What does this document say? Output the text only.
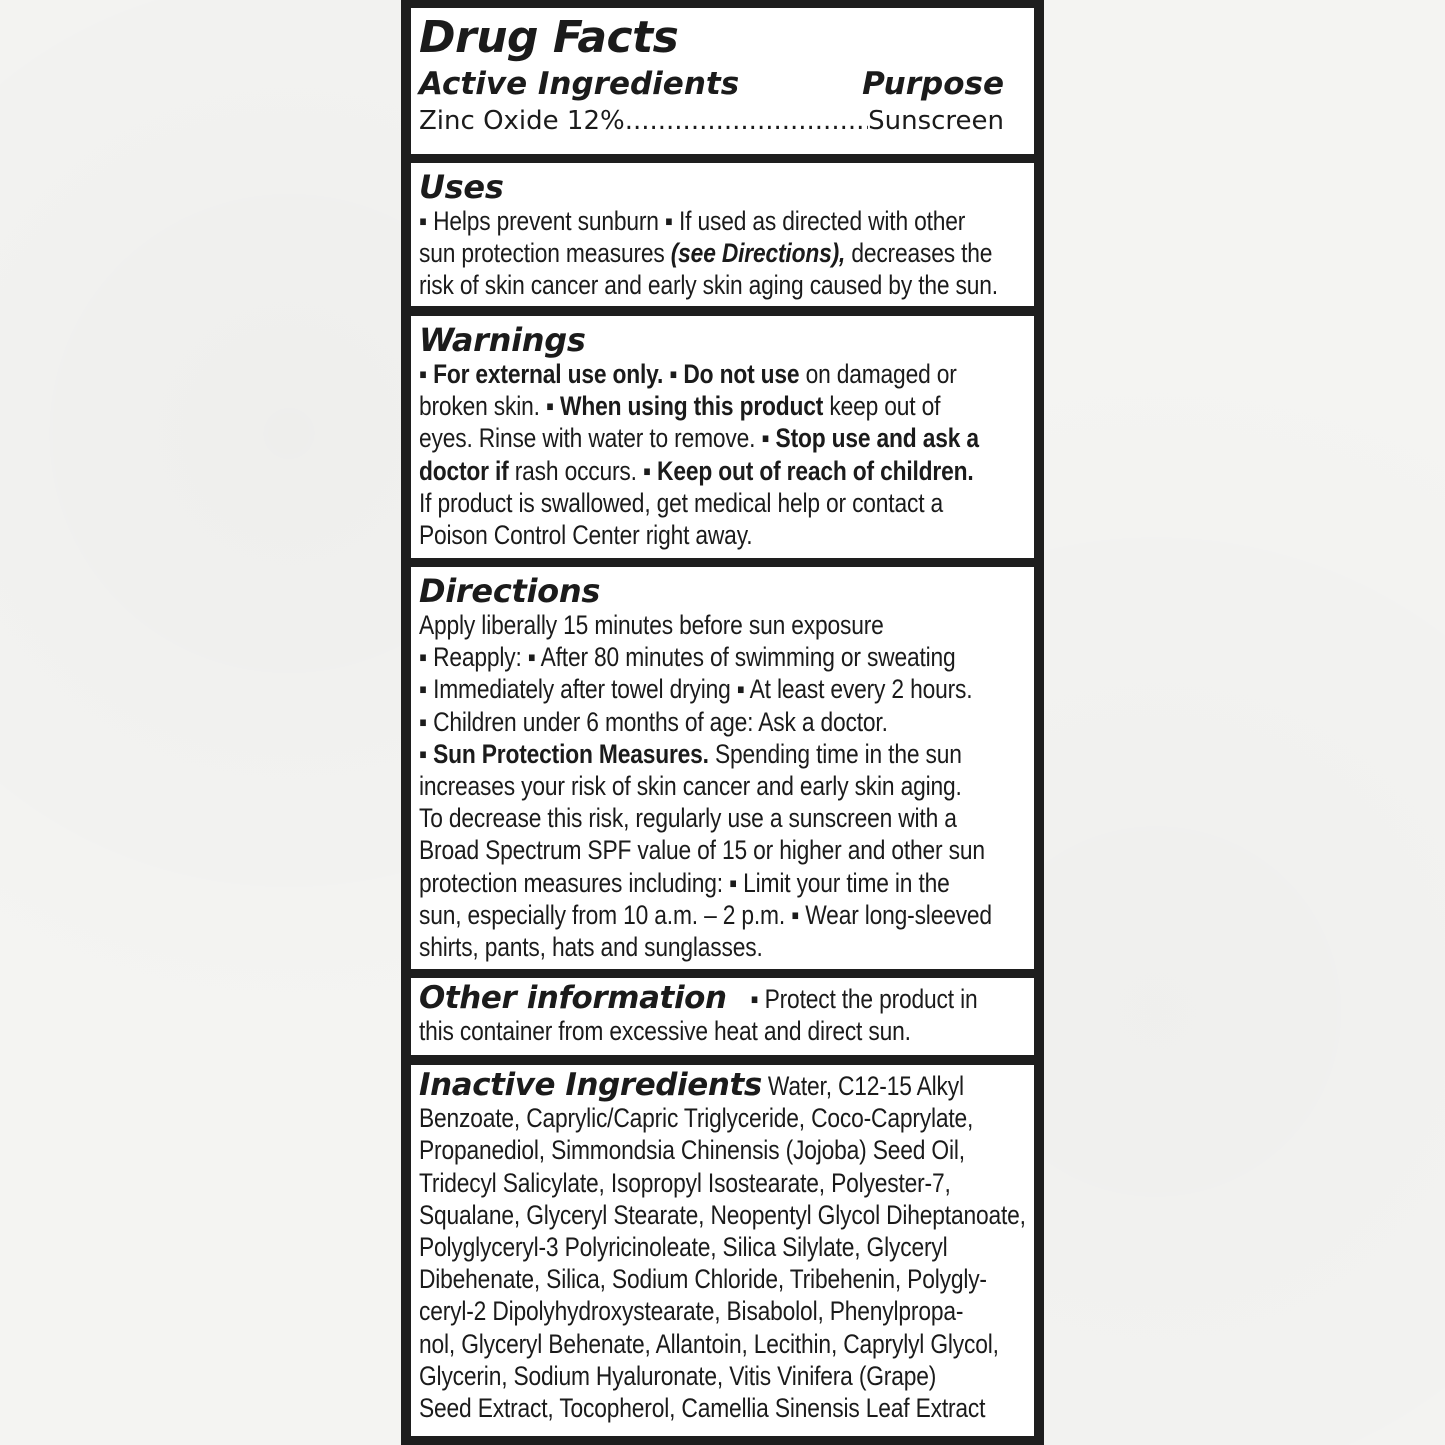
Drug Facts
Active Ingredients	Purpose
Zinc Oxide 12%
.....	Sunscreen
Uses
▪ Helps prevent sunburn ▪ If used as directed with other
sun protection measures (see Directions), decreases the
risk of skin cancer and early skin aging caused by the sun.
Warnings
▪ For external use only. ▪ Do not use on damaged or
broken skin. ▪ When using this product keep out of
eyes. Rinse with water to remove. ▪ Stop use and ask a
doctor if rash occurs. ▪ Keep out of reach of children.
If product is swallowed, get medical help or contact a
Poison Control Center right away.
Directions
Apply liberally 15 minutes before sun exposure
▪ Reapply: ▪ After 80 minutes of swimming or sweating
▪ Immediately after towel drying ▪ At least every 2 hours.
▪ Children under 6 months of age: Ask a doctor.
▪ Sun Protection Measures. Spending time in the sun
increases your risk of skin cancer and early skin aging.
To decrease this risk, regularly use a sunscreen with a
Broad Spectrum SPF value of 15 or higher and other sun
protection measures including: ▪ Limit your time in the
sun, especially from 10 a.m. – 2 p.m. ▪ Wear long-sleeved
shirts, pants, hats and sunglasses.
Other information ▪ Protect the product in
this container from excessive heat and direct sun.
Inactive Ingredients Water, C12-15 Alkyl
Benzoate, Caprylic/Capric Triglyceride, Coco-Caprylate,
Propanediol, Simmondsia Chinensis (Jojoba) Seed Oil,
Tridecyl Salicylate, Isopropyl Isostearate, Polyester-7,
Squalane, Glyceryl Stearate, Neopentyl Glycol Diheptanoate,
Polyglyceryl-3 Polyricinoleate, Silica Silylate, Glyceryl
Dibehenate, Silica, Sodium Chloride, Tribehenin, Polygly-
ceryl-2 Dipolyhydroxystearate, Bisabolol, Phenylpropa-
nol, Glyceryl Behenate, Allantoin, Lecithin, Caprylyl Glycol,
Glycerin, Sodium Hyaluronate, Vitis Vinifera (Grape)
Seed Extract, Tocopherol, Camellia Sinensis Leaf Extract
